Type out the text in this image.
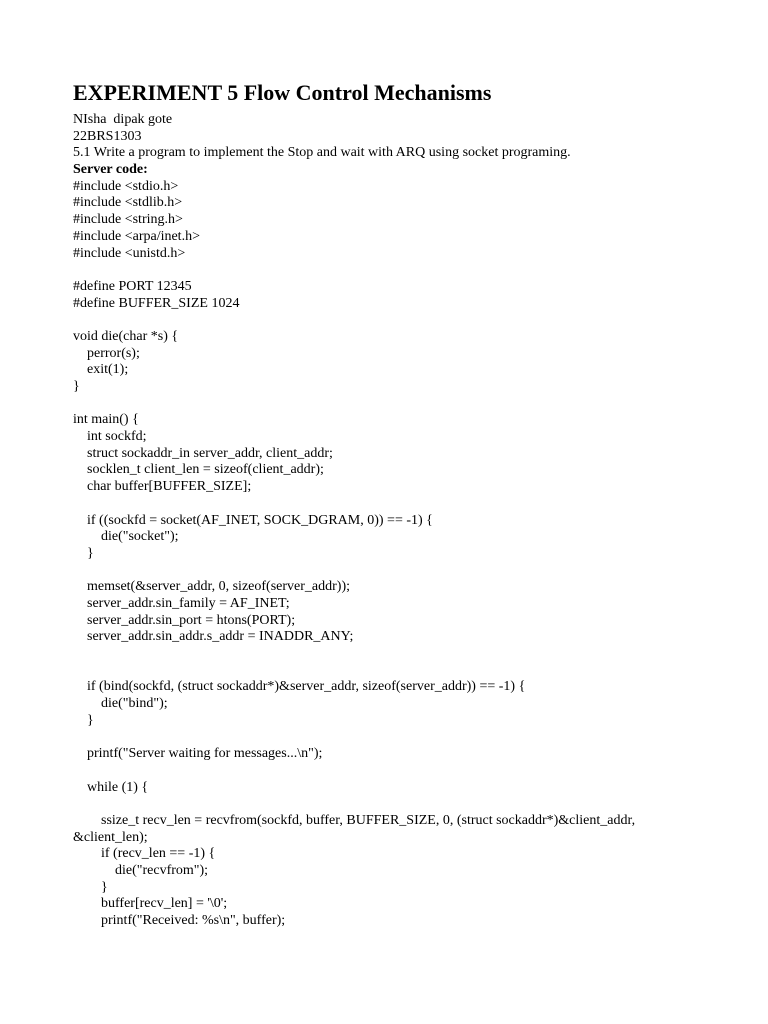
EXPERIMENT 5 Flow Control Mechanisms
NIsha  dipak gote
22BRS1303
5.1 Write a program to implement the Stop and wait with ARQ using socket programing.
Server code:
#include <stdio.h>
#include <stdlib.h>
#include <string.h>
#include <arpa/inet.h>
#include <unistd.h>
#define PORT 12345
#define BUFFER_SIZE 1024
void die(char *s) {
perror(s);
exit(1);
}
int main() {
int sockfd;
struct sockaddr_in server_addr, client_addr;
socklen_t client_len = sizeof(client_addr);
char buffer[BUFFER_SIZE];
if ((sockfd = socket(AF_INET, SOCK_DGRAM, 0)) == -1) {
die("socket");
}
memset(&server_addr, 0, sizeof(server_addr));
server_addr.sin_family = AF_INET;
server_addr.sin_port = htons(PORT);
server_addr.sin_addr.s_addr = INADDR_ANY;
if (bind(sockfd, (struct sockaddr*)&server_addr, sizeof(server_addr)) == -1) {
die("bind");
}
printf("Server waiting for messages...\n");
while (1) {
ssize_t recv_len = recvfrom(sockfd, buffer, BUFFER_SIZE, 0, (struct sockaddr*)&client_addr,
&client_len);
if (recv_len == -1) {
die("recvfrom");
}
buffer[recv_len] = '\0';
printf("Received: %s\n", buffer);
